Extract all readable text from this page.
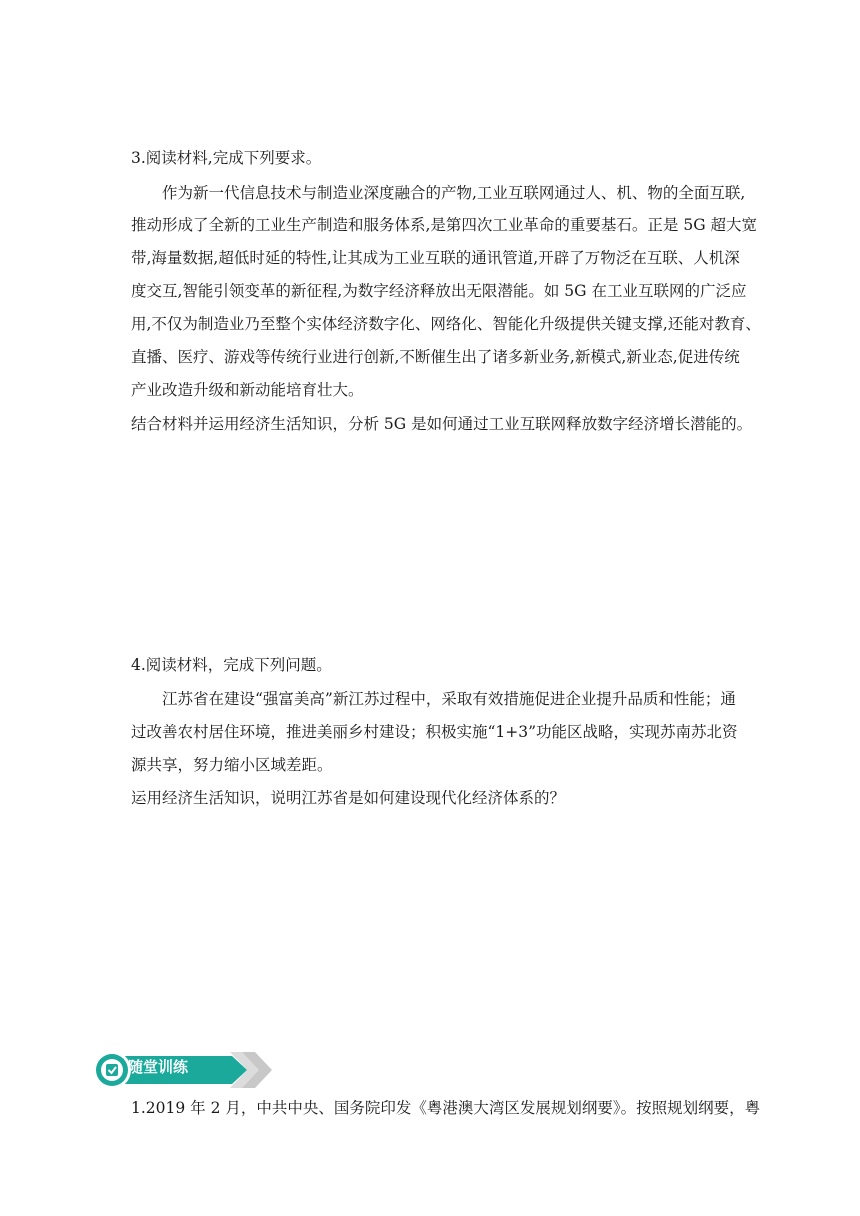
3.阅读材料,完成下列要求。
作为新一代信息技术与制造业深度融合的产物,工业互联网通过人、机、物的全面互联,
推动形成了全新的工业生产制造和服务体系,是第四次工业革命的重要基石。正是 5G 超大宽
带,海量数据,超低时延的特性,让其成为工业互联的通讯管道,开辟了万物泛在互联、人机深
度交互,智能引领变革的新征程,为数字经济释放出无限潜能。如 5G 在工业互联网的广泛应
用,不仅为制造业乃至整个实体经济数字化、网络化、智能化升级提供关键支撑,还能对教育、
直播、医疗、游戏等传统行业进行创新,不断催生出了诸多新业务,新模式,新业态,促进传统
产业改造升级和新动能培育壮大。
结合材料并运用经济生活知识，分析 5G 是如何通过工业互联网释放数字经济增长潜能的。
4.阅读材料，完成下列问题。
江苏省在建设“强富美高”新江苏过程中，采取有效措施促进企业提升品质和性能；通
过改善农村居住环境，推进美丽乡村建设；积极实施“1+3”功能区战略，实现苏南苏北资
源共享，努力缩小区域差距。
运用经济生活知识，说明江苏省是如何建设现代化经济体系的？
随堂训练
1.2019 年 2 月，中共中央、国务院印发《粤港澳大湾区发展规划纲要》。按照规划纲要，粤
